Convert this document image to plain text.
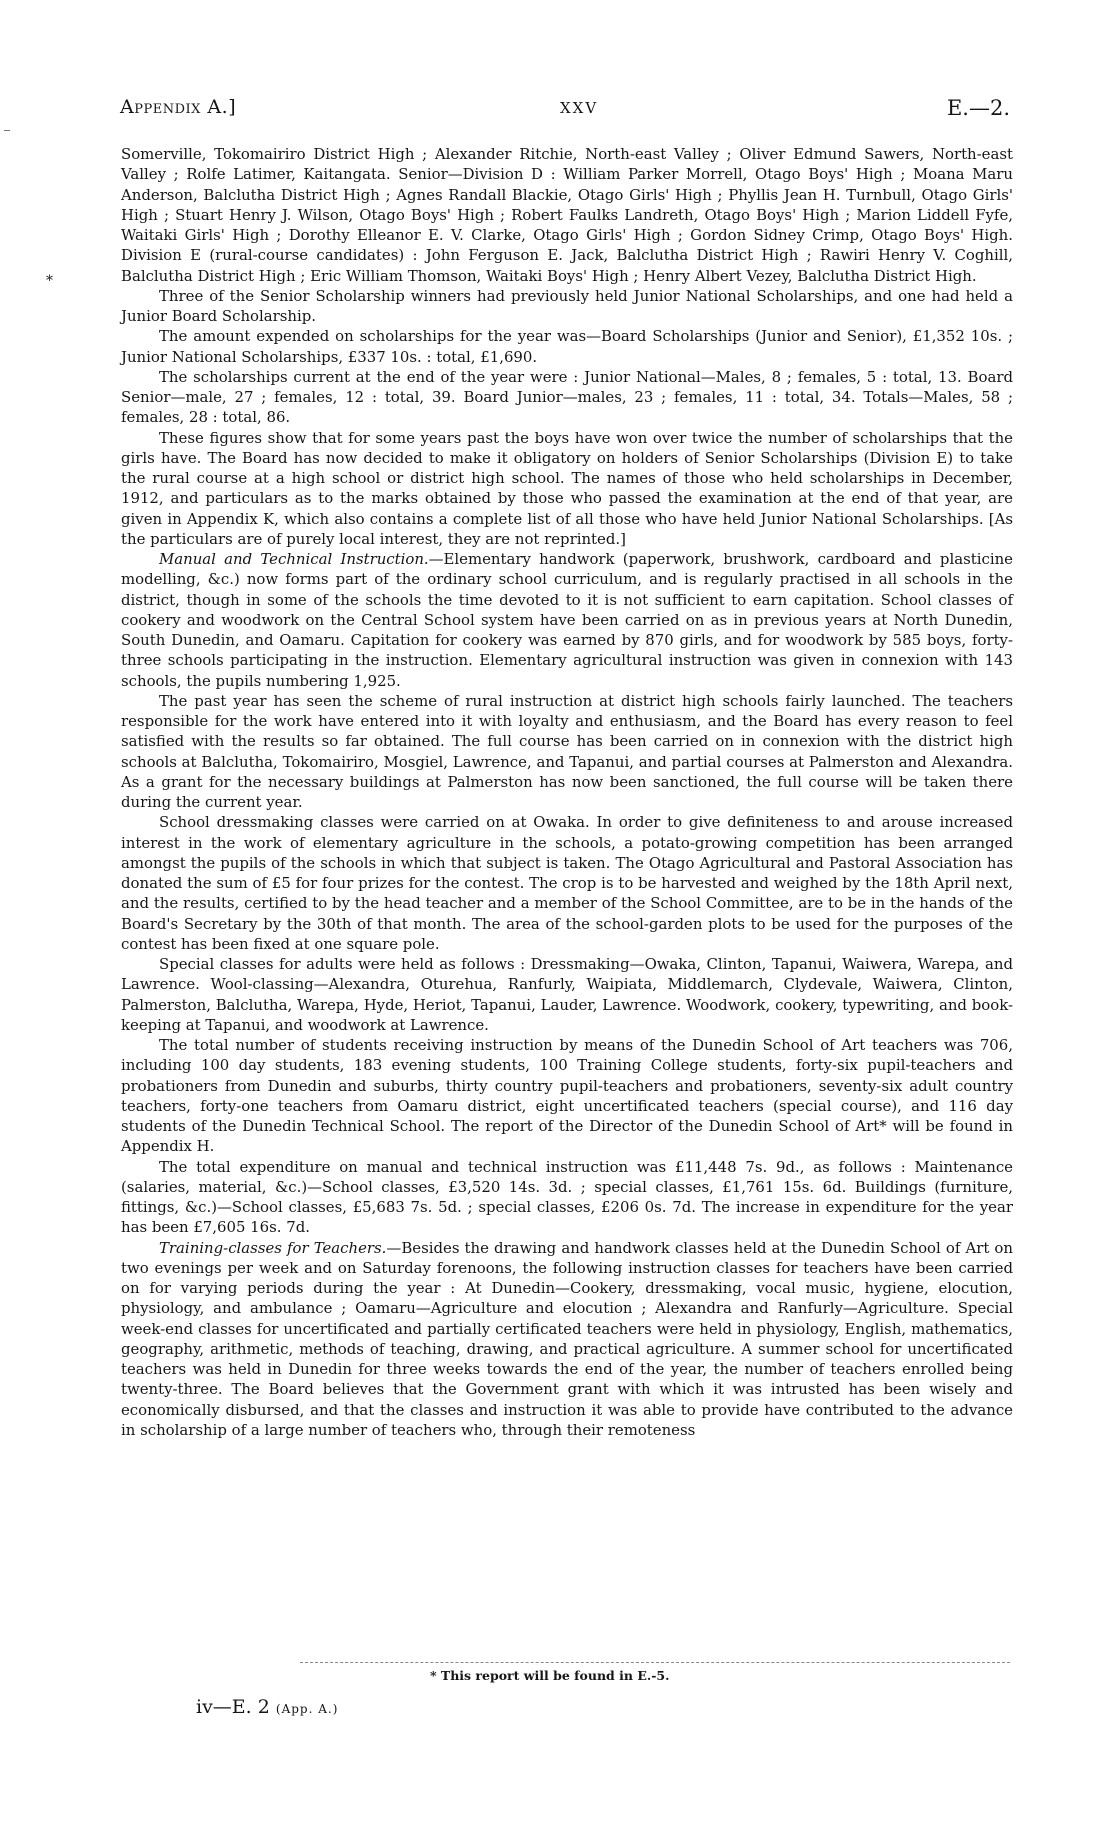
Appendix A.]	XXV	E.—2.
*

Somerville, Tokomairiro District High ; Alexander Ritchie, North-east Valley ; Oliver Edmund Sawers, North-east Valley ; Rolfe Latimer, Kaitangata. Senior—Division D : William Parker Morrell, Otago Boys' High ; Moana Maru Anderson, Balclutha District High ; Agnes Randall Blackie, Otago Girls' High ; Phyllis Jean H. Turnbull, Otago Girls' High ; Stuart Henry J. Wilson, Otago Boys' High ; Robert Faulks Landreth, Otago Boys' High ; Marion Liddell Fyfe, Waitaki Girls' High ; Dorothy Elleanor E. V. Clarke, Otago Girls' High ; Gordon Sidney Crimp, Otago Boys' High. Division E (rural-course candidates) : John Ferguson E. Jack, Balclutha District High ; Rawiri Henry V. Coghill, Balclutha District High ; Eric William Thomson, Waitaki Boys' High ; Henry Albert Vezey, Balclutha District High.

Three of the Senior Scholarship winners had previously held Junior National Scholarships, and one had held a Junior Board Scholarship.

The amount expended on scholarships for the year was—Board Scholarships (Junior and Senior), £1,352 10s. ; Junior National Scholarships, £337 10s. : total, £1,690.

The scholarships current at the end of the year were : Junior National—Males, 8 ; females, 5 : total, 13. Board Senior—male, 27 ; females, 12 : total, 39. Board Junior—males, 23 ; females, 11 : total, 34. Totals—Males, 58 ; females, 28 : total, 86.

These figures show that for some years past the boys have won over twice the number of scholarships that the girls have. The Board has now decided to make it obligatory on holders of Senior Scholarships (Division E) to take the rural course at a high school or district high school. The names of those who held scholarships in December, 1912, and particulars as to the marks obtained by those who passed the examination at the end of that year, are given in Appendix K, which also contains a complete list of all those who have held Junior National Scholarships. [As the particulars are of purely local interest, they are not reprinted.]

Manual and Technical Instruction.—Elementary handwork (paperwork, brushwork, cardboard and plasticine modelling, &c.) now forms part of the ordinary school curriculum, and is regularly practised in all schools in the district, though in some of the schools the time devoted to it is not sufficient to earn capitation. School classes of cookery and woodwork on the Central School system have been carried on as in previous years at North Dunedin, South Dunedin, and Oamaru. Capitation for cookery was earned by 870 girls, and for woodwork by 585 boys, forty-three schools participating in the instruction. Elementary agricultural instruction was given in connexion with 143 schools, the pupils numbering 1,925.

The past year has seen the scheme of rural instruction at district high schools fairly launched. The teachers responsible for the work have entered into it with loyalty and enthusiasm, and the Board has every reason to feel satisfied with the results so far obtained. The full course has been carried on in connexion with the district high schools at Balclutha, Tokomairiro, Mosgiel, Lawrence, and Tapanui, and partial courses at Palmerston and Alexandra. As a grant for the necessary buildings at Palmerston has now been sanctioned, the full course will be taken there during the current year.

School dressmaking classes were carried on at Owaka. In order to give definiteness to and arouse increased interest in the work of elementary agriculture in the schools, a potato-growing competition has been arranged amongst the pupils of the schools in which that subject is taken. The Otago Agricultural and Pastoral Association has donated the sum of £5 for four prizes for the contest. The crop is to be harvested and weighed by the 18th April next, and the results, certified to by the head teacher and a member of the School Committee, are to be in the hands of the Board's Secretary by the 30th of that month. The area of the school-garden plots to be used for the purposes of the contest has been fixed at one square pole.

Special classes for adults were held as follows : Dressmaking—Owaka, Clinton, Tapanui, Waiwera, Warepa, and Lawrence. Wool-classing—Alexandra, Oturehua, Ranfurly, Waipiata, Middlemarch, Clydevale, Waiwera, Clinton, Palmerston, Balclutha, Warepa, Hyde, Heriot, Tapanui, Lauder, Lawrence. Woodwork, cookery, typewriting, and book-keeping at Tapanui, and woodwork at Lawrence.

The total number of students receiving instruction by means of the Dunedin School of Art teachers was 706, including 100 day students, 183 evening students, 100 Training College students, forty-six pupil-teachers and probationers from Dunedin and suburbs, thirty country pupil-teachers and probationers, seventy-six adult country teachers, forty-one teachers from Oamaru district, eight uncertificated teachers (special course), and 116 day students of the Dunedin Technical School. The report of the Director of the Dunedin School of Art* will be found in Appendix H.

The total expenditure on manual and technical instruction was £11,448 7s. 9d., as follows : Maintenance (salaries, material, &c.)—School classes, £3,520 14s. 3d. ; special classes, £1,761 15s. 6d. Buildings (furniture, fittings, &c.)—School classes, £5,683 7s. 5d. ; special classes, £206 0s. 7d. The increase in expenditure for the year has been £7,605 16s. 7d.

Training-classes for Teachers.—Besides the drawing and handwork classes held at the Dunedin School of Art on two evenings per week and on Saturday forenoons, the following instruction classes for teachers have been carried on for varying periods during the year : At Dunedin—Cookery, dressmaking, vocal music, hygiene, elocution, physiology, and ambulance ; Oamaru—Agriculture and elocution ; Alexandra and Ranfurly—Agriculture. Special week-end classes for uncertificated and partially certificated teachers were held in physiology, English, mathematics, geography, arithmetic, methods of teaching, drawing, and practical agriculture. A summer school for uncertificated teachers was held in Dunedin for three weeks towards the end of the year, the number of teachers enrolled being twenty-three. The Board believes that the Government grant with which it was intrusted has been wisely and economically disbursed, and that the classes and instruction it was able to provide have contributed to the advance in scholarship of a large number of teachers who, through their remoteness

* This report will be found in E.-5.
iv—E. 2 (App. A.)
